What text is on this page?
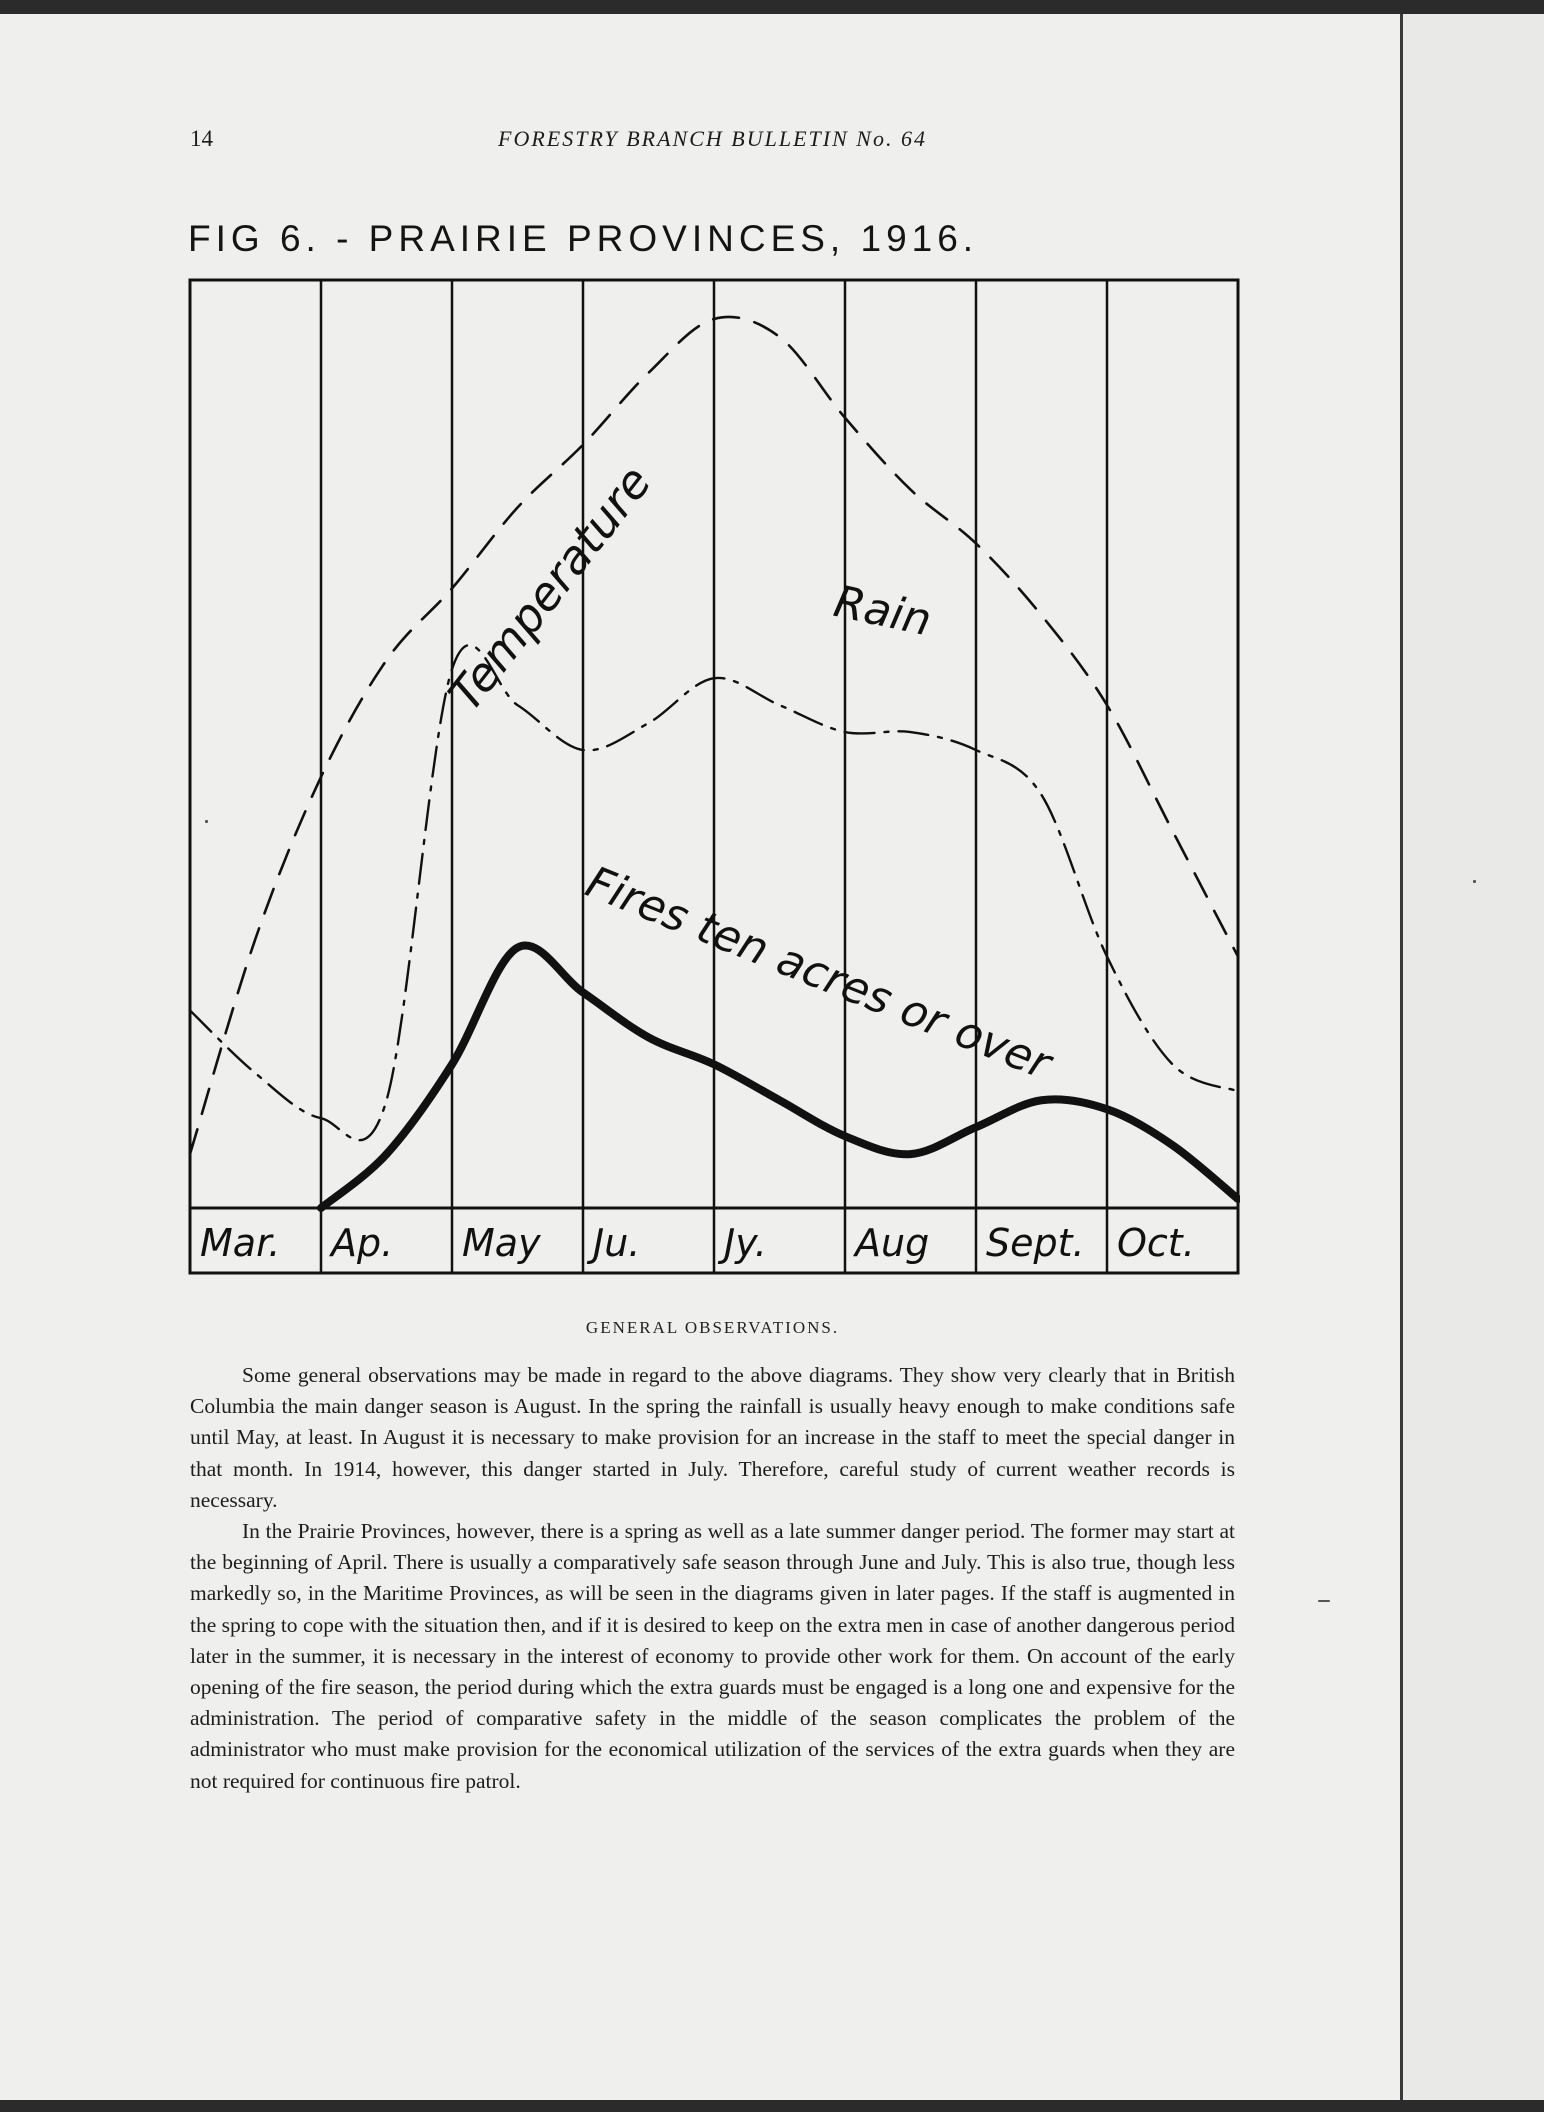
14	FORESTRY BRANCH BULLETIN No. 64
FIG 6. - PRAIRIE PROVINCES, 1916.
Mar. Ap. May Ju. Jy. Aug Sept. Oct.
Temperature	Rain
Fires ten acres or over
GENERAL OBSERVATIONS.

Some general observations may be made in regard to the above diagrams. They show very clearly that in British Columbia the main danger season is August. In the spring the rainfall is usually heavy enough to make conditions safe until May, at least. In August it is necessary to make provision for an increase in the staff to meet the special danger in that month. In 1914, however, this danger started in July. Therefore, careful study of current weather records is necessary.

In the Prairie Provinces, however, there is a spring as well as a late summer danger period. The former may start at the beginning of April. There is usually a comparatively safe season through June and July. This is also true, though less markedly so, in the Maritime Provinces, as will be seen in the diagrams given in later pages. If the staff is augmented in the spring to cope with the situation then, and if it is desired to keep on the extra men in case of another dangerous period later in the summer, it is necessary in the interest of economy to provide other work for them. On account of the early opening of the fire season, the period during which the extra guards must be engaged is a long one and expensive for the administration. The period of comparative safety in the middle of the season complicates the problem of the administrator who must make provision for the economical utilization of the services of the extra guards when they are not required for continuous fire patrol.
